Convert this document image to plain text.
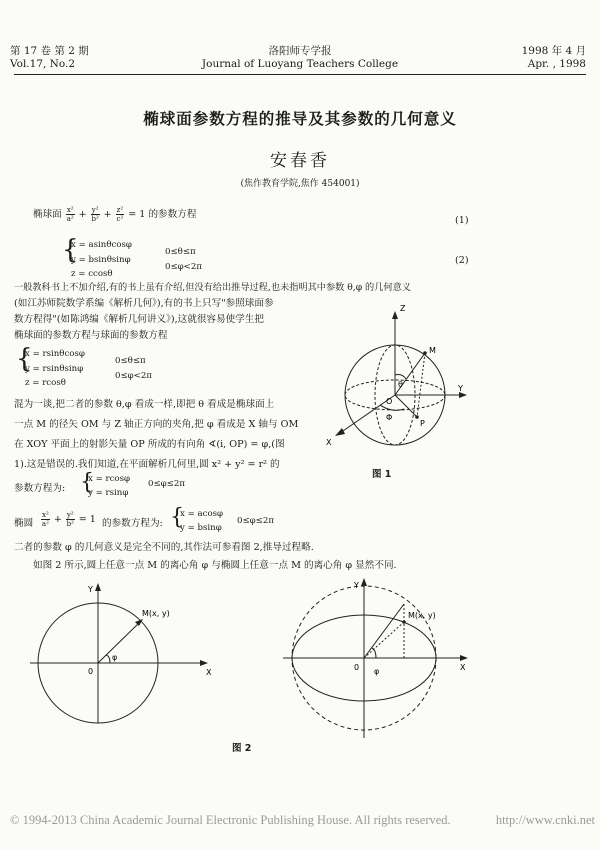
第 17 卷 第 2 期
Vol.17, No.2
洛阳师专学报
Journal of Luoyang Teachers College
1998 年 4 月
Apr. , 1998
椭球面参数方程的推导及其参数的几何意义
安春香
(焦作教育学院,焦作 454001)
椭球面 $\frac{\text{x²}}{\text{a²}} + \frac{\text{y²}}{\text{b²}} + \frac{\text{z²}}{\text{c²}} = 1$ 的参数方程
(1)
{
x = asinθcosφ
y = bsinθsinφ
z = ccosθ
0≤θ≤π
0≤φ<2π
(2)
一般教科书上不加介绍,有的书上虽有介绍,但没有给出推导过程,也未指明其中参数 θ,φ 的几何意义
(如江苏师院数学系编《解析几何》),有的书上只写"参照球面参
数方程得"(如陈鸿编《解析几何讲义》),这就很容易使学生把
椭球面的参数方程与球面的参数方程
{
x = rsinθcosφ
y = rsinθsinφ
z = rcosθ
0≤θ≤π
0≤φ<2π
混为一谈,把二者的参数 θ,φ 看成一样,即把 θ 看成是椭球面上
一点 M 的径矢 OM 与 Z 轴正方向的夹角,把 φ 看成是 X 轴与 OM
在 XOY 平面上的射影矢量 OP 所成的有向角 ∢(i, OP) = φ,(图
1).这是错误的.我们知道,在平面解析几何里,圆 x² + y² = r² 的
参数方程为: {
x = rcosφ
y = rsinφ
0≤φ≤2π
Z
Y
X
M
P
O
θ
Φ
图 1
椭圆 $\frac{\text{x²}}{\text{a²}} + \frac{\text{y²}}{\text{b²}} = 1$ 的参数方程为: {
x = acosφ
y = bsinφ
0≤φ≤2π
二者的参数 φ 的几何意义是完全不同的,其作法可参看图 2,推导过程略.
如图 2 所示,圆上任意一点 M 的离心角 φ 与椭圆上任意一点 M 的离心角 φ 显然不同.
Y
X
0
M(x, y)
φ
Y
X
0
M(x, y)
φ
图 2
© 1994-2013 China Academic Journal Electronic Publishing House. All rights reserved.	http://www.cnki.net
